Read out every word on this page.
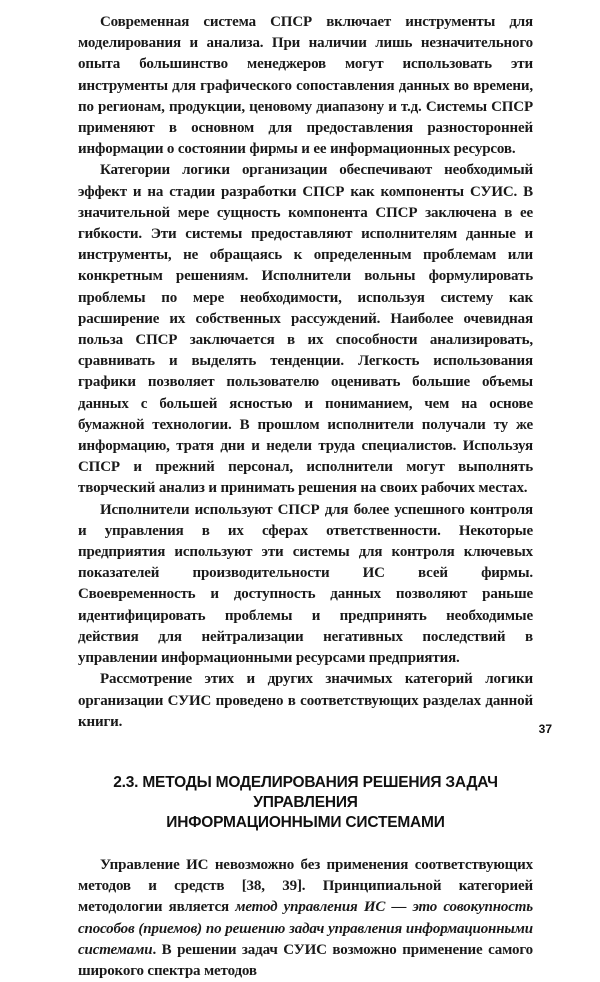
Современная система СПСР включает инструменты для моделирования и анализа. При наличии лишь незначительного опыта большинство менеджеров могут использовать эти инструменты для графического сопоставления данных во времени, по регионам, продукции, ценовому диапазону и т.д. Системы СПСР применяют в основном для предоставления разносторонней информации о состоянии фирмы и ее информационных ресурсов.

Категории логики организации обеспечивают необходимый эффект и на стадии разработки СПСР как компоненты СУИС. В значительной мере сущность компонента СПСР заключена в ее гибкости. Эти системы предоставляют исполнителям данные и инструменты, не обращаясь к определенным проблемам или конкретным решениям. Исполнители вольны формулировать проблемы по мере необходимости, используя систему как расширение их собственных рассуждений. Наиболее очевидная польза СПСР заключается в их способности анализировать, сравнивать и выделять тенденции. Легкость использования графики позволяет пользователю оценивать большие объемы данных с большей ясностью и пониманием, чем на основе бумажной технологии. В прошлом исполнители получали ту же информацию, тратя дни и недели труда специалистов. Используя СПСР и прежний персонал, исполнители могут выполнять творческий анализ и принимать решения на своих рабочих местах.

Исполнители используют СПСР для более успешного контроля и управления в их сферах ответственности. Некоторые предприятия используют эти системы для контроля ключевых показателей производительности ИС всей фирмы. Своевременность и доступность данных позволяют раньше идентифицировать проблемы и предпринять необходимые действия для нейтрализации негативных последствий в управлении информационными ресурсами предприятия.

Рассмотрение этих и других значимых категорий логики организации СУИС проведено в соответствующих разделах данной книги.

2.3. МЕТОДЫ МОДЕЛИРОВАНИЯ РЕШЕНИЯ ЗАДАЧ УПРАВЛЕНИЯ
ИНФОРМАЦИОННЫМИ СИСТЕМАМИ

Управление ИС невозможно без применения соответствующих методов и средств [38, 39]. Принципиальной категорией методологии является метод управления ИС — это совокупность способов (приемов) по решению задач управления информационными системами. В решении задач СУИС возможно применение самого широкого спектра методов

37
